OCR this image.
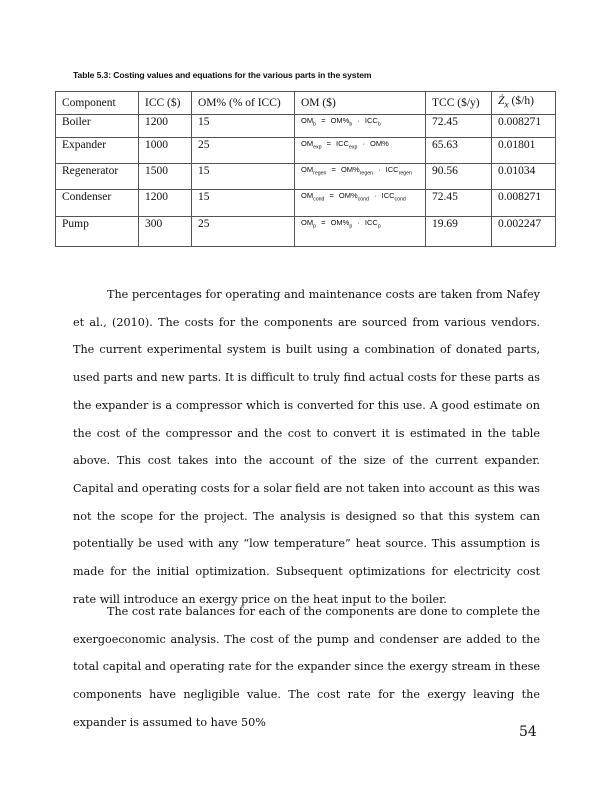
Table 5.3: Costing values and equations for the various parts in the system
Component	ICC ($)	OM% (% of ICC)	OM ($)	TCC ($/y)	$Ż_x$ ($/h)
Boiler	1200	15	$OM_b = OM\%_b \cdot ICC_b$	72.45	0.008271
Expander	1000	25	$OM_{exp} = ICC_{exp} \cdot OM\%$	65.63	0.01801
Regenerator	1500	15	$OM_{regen} = OM\%_{regen} \cdot ICC_{regen}$	90.56	0.01034
Condenser	1200	15	$OM_{cond} = OM\%_{cond} \cdot ICC_{cond}$	72.45	0.008271
Pump	300	25	$OM_p = OM\%_p \cdot ICC_p$	19.69	0.002247

The percentages for operating and maintenance costs are taken from Nafey et al., (2010). The costs for the components are sourced from various vendors. The current experimental system is built using a combination of donated parts, used parts and new parts. It is difficult to truly find actual costs for these parts as the expander is a compressor which is converted for this use. A good estimate on the cost of the compressor and the cost to convert it is estimated in the table above. This cost takes into the account of the size of the current expander. Capital and operating costs for a solar field are not taken into account as this was not the scope for the project. The analysis is designed so that this system can potentially be used with any “low temperature” heat source. This assumption is made for the initial optimization. Subsequent optimizations for electricity cost rate will introduce an exergy price on the heat input to the boiler.

The cost rate balances for each of the components are done to complete the exergoeconomic analysis. The cost of the pump and condenser are added to the total capital and operating rate for the expander since the exergy stream in these components have negligible value. The cost rate for the exergy leaving the expander is assumed to have 50%

54
